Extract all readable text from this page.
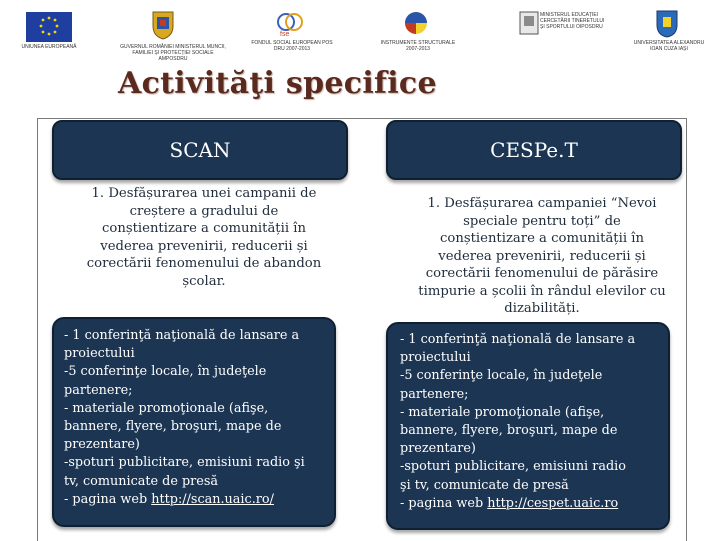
UNIUNEA EUROPEANĂ	GUVERNUL ROMÂNIEI MINISTERUL MUNCII, FAMILIEI ȘI PROTECȚIEI SOCIALE AMPOSDRU
fse
FONDUL SOCIAL EUROPEAN POS DRU 2007-2013
INSTRUMENTE STRUCTURALE 2007-2013
MINISTERUL EDUCAȚIEI CERCETĂRII TINERETULUI ȘI SPORTULUI OIPOSDRU
UNIVERSITATEA ALEXANDRU IOAN CUZA IAȘI
Activităţi specifice
SCAN
1. Desfășurarea unei campanii de
creștere a gradului de
conștientizare a comunității în
vederea prevenirii, reducerii și
corectării fenomenului de abandon
școlar.
- 1 conferinţă naţională de lansare a
proiectului
-5 conferinţe locale, în judeţele
partenere;
- materiale promoţionale (afişe,
bannere, flyere, broşuri, mape de
prezentare)
-spoturi publicitare, emisiuni radio şi
tv, comunicate de presă
- pagina web http://scan.uaic.ro/
CESPe.T
1. Desfășurarea campaniei “Nevoi
speciale pentru toți” de
conștientizare a comunității în
vederea prevenirii, reducerii și
corectării fenomenului de părăsire
timpurie a școlii în rândul elevilor cu
dizabilități.
- 1 conferinţă naţională de lansare a
proiectului
-5 conferinţe locale, în judeţele
partenere;
- materiale promoţionale (afişe,
bannere, flyere, broşuri, mape de
prezentare)
-spoturi publicitare, emisiuni radio
şi tv, comunicate de presă
- pagina web http://cespet.uaic.ro
